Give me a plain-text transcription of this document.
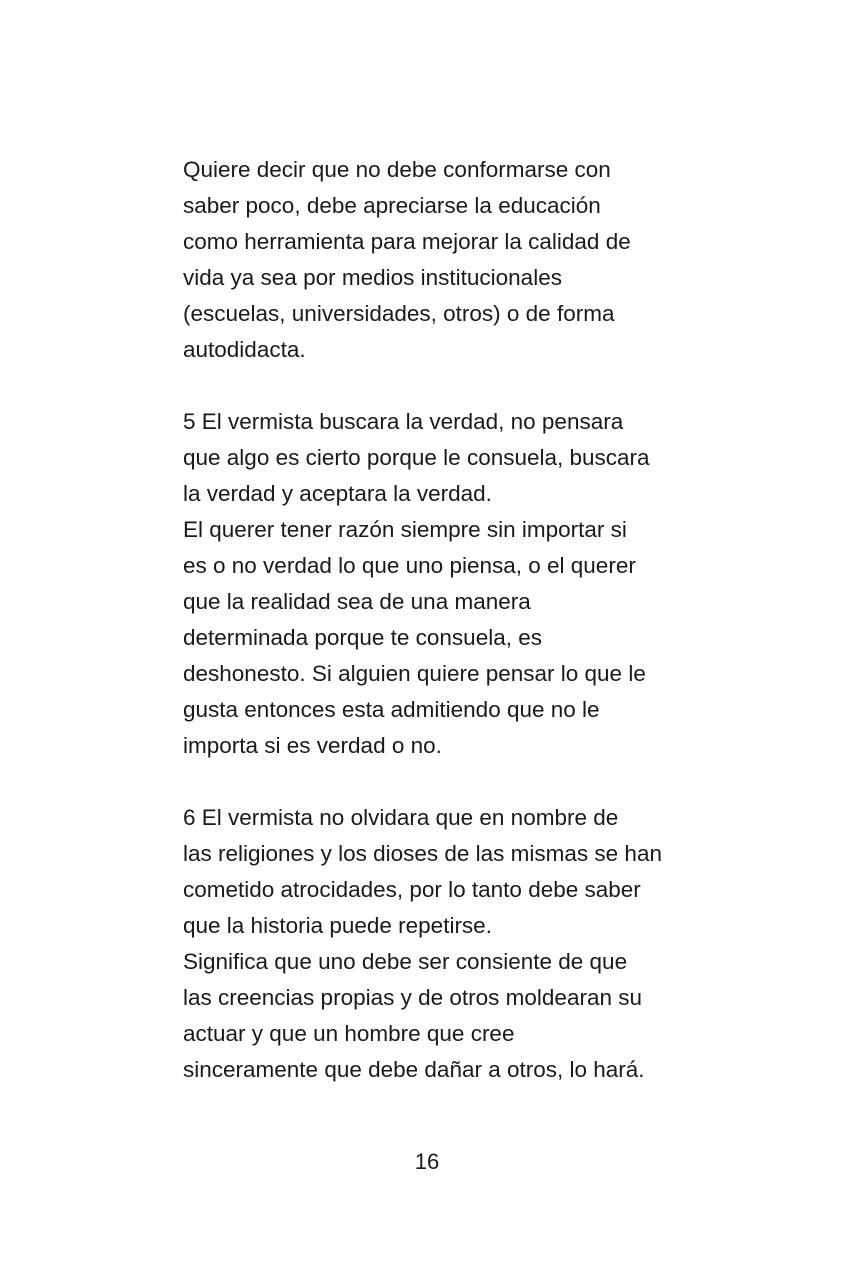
Quiere decir que no debe conformarse con
saber poco, debe apreciarse la educación
como herramienta para mejorar la calidad de
vida ya sea por medios institucionales
(escuelas, universidades, otros) o de forma
autodidacta.

5 El vermista buscara la verdad, no pensara
que algo es cierto porque le consuela, buscara
la verdad y aceptara la verdad.
El querer tener razón siempre sin importar si
es o no verdad lo que uno piensa, o el querer
que la realidad sea de una manera
determinada porque te consuela, es
deshonesto. Si alguien quiere pensar lo que le
gusta entonces esta admitiendo que no le
importa si es verdad o no.

6 El vermista no olvidara que en nombre de
las religiones y los dioses de las mismas se han
cometido atrocidades, por lo tanto debe saber
que la historia puede repetirse.
Significa que uno debe ser consiente de que
las creencias propias y de otros moldearan su
actuar y que un hombre que cree
sinceramente que debe dañar a otros, lo hará.

16
